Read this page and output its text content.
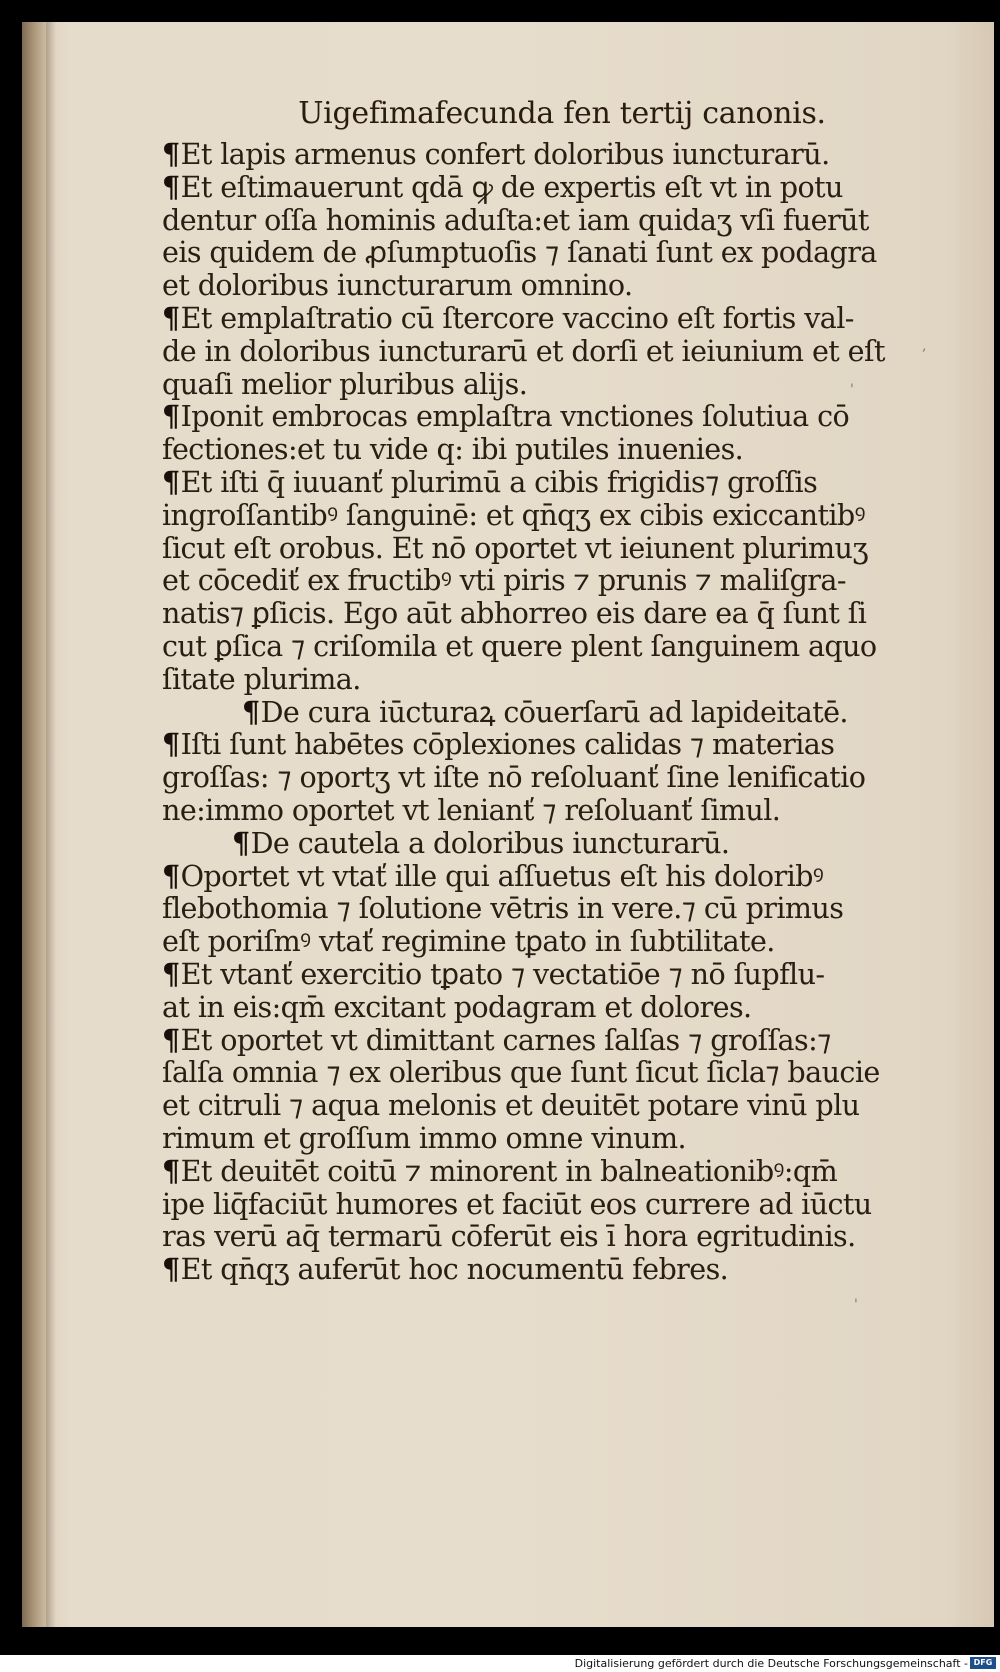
Uigefimafecunda fen tertij canonis.
¶Et lapis armenus confert doloribus iuncturarū.
¶Et eſtimauerunt qdā ꝙ de expertis eſt vt in potu
dentur oſſa hominis aduſta:et iam quidaʒ vſi fuerūt
eis quidem de ꝓſumptuoſis ⁊ ſanati ſunt ex podagra
et doloribus iuncturarum omnino.
¶Et emplaſtratio cū ſtercore vaccino eſt fortis val-
de in doloribus iuncturarū et dorſi et ieiunium et eſt
quaſi melior pluribus alijs.
¶Iponit embrocas emplaſtra vnctiones ſolutiua cō
fectiones:et tu vide q: ibi putiles inuenies.
¶Et iſti q̄ iuuanť plurimū a cibis frigidis⁊ groſſis
ingroſſantibꝰ ſanguinē: et qn̄qʒ ex cibis exiccantibꝰ
ſicut eſt orobus. Et nō oportet vt ieiunent plurimuʒ
et cōcediť ex fructibꝰ vti piris ⁊ prunis ⁊ maliſgra-
natis⁊ ꝑſicis. Ego aūt abhorreo eis dare ea q̄ ſunt ſi
cut ꝑſica ⁊ criſomila et quere plent ſanguinem aquo
ſitate plurima.
¶De cura iūcturaꝝ cōuerſarū ad lapideitatē.
¶Iſti ſunt habētes cōplexiones calidas ⁊ materias
groſſas: ⁊ oportʒ vt iſte nō reſoluanť ſine lenificatio
ne:immo oportet vt lenianť ⁊ reſoluanť ſimul.
¶De cautela a doloribus iuncturarū.
¶Oportet vt vtať ille qui aſſuetus eſt his doloribꝰ
flebothomia ⁊ ſolutione vētris in vere.⁊ cū primus
eſt poriſmꝰ vtať regimine tꝑato in ſubtilitate.
¶Et vtanť exercitio tꝑato ⁊ vectatiōe ⁊ nō ſupflu-
at in eis:qm̄ excitant podagram et dolores.
¶Et oportet vt dimittant carnes ſalſas ⁊ groſſas:⁊
ſalſa omnia ⁊ ex oleribus que ſunt ſicut ſicla⁊ baucie
et citruli ⁊ aqua melonis et deuitēt potare vinū plu
rimum et groſſum immo omne vinum.
¶Et deuitēt coitū ⁊ minorent in balneationibꝰ:qm̄
ipe liq̄faciūt humores et faciūt eos currere ad iūctu
ras verū aq̄ termarū cōferūt eis ī hora egritudinis.
¶Et qn̄qʒ auferūt hoc nocumentū febres.
,
'
'
Digitalisierung gefördert durch die Deutsche Forschungsgemeinschaft - DFG
